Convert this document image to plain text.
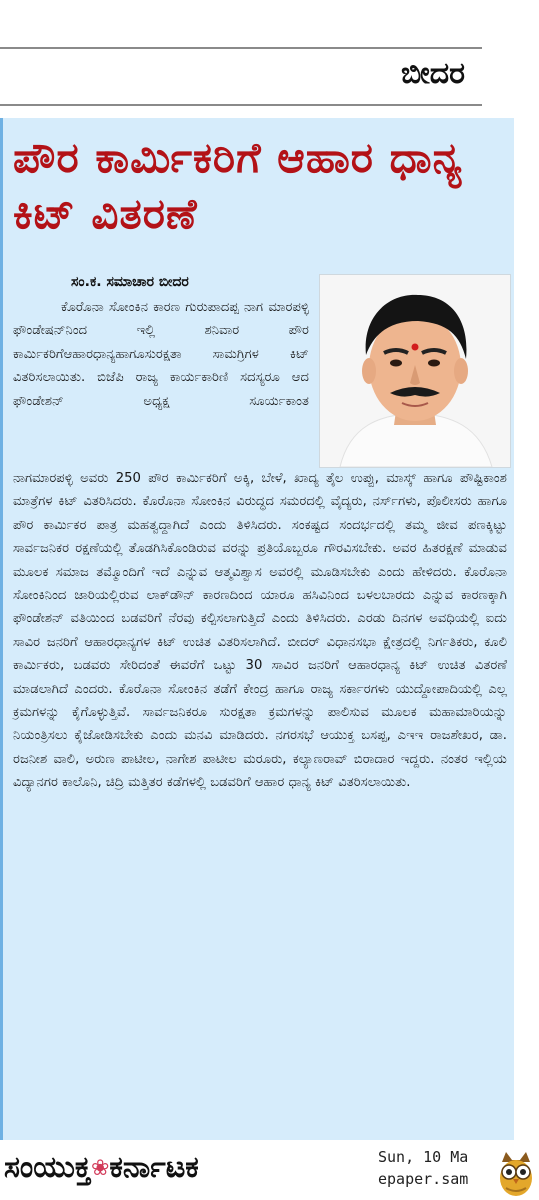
ಬೀದರ
ಪೌರ ಕಾರ್ಮಿಕರಿಗೆ ಆಹಾರ ಧಾನ್ಯ ಕಿಟ್ ವಿತರಣೆ
ಸಂ.ಕ. ಸಮಾಚಾರ ಬೀದರ
ಕೊರೊನಾ ಸೋಂಕಿನ ಕಾರಣ ಗುರುಪಾದಪ್ಪ ನಾಗ ಮಾರಪಳ್ಳಿ ಫೌಂಡೇಷನ್‌ನಿಂದ ಇಲ್ಲಿ ಶನಿವಾರ ಪೌರ ಕಾರ್ಮಿಕರಿಗೆಆಹಾರಧಾನ್ಯಹಾಗೂಸುರಕ್ಷತಾ ಸಾಮಗ್ರಿಗಳ ಕಿಟ್ ವಿತರಿಸಲಾಯಿತು. ಬಿಜೆಪಿ ರಾಜ್ಯ ಕಾರ್ಯಕಾರಿಣಿ ಸದಸ್ಯರೂ ಆದ ಫೌಂಡೇಶನ್ ಅಧ್ಯಕ್ಷ ಸೂರ್ಯಕಾಂತ
ನಾಗಮಾರಪಳ್ಳಿ ಅವರು 250 ಪೌರ ಕಾರ್ಮಿಕರಿಗೆ ಅಕ್ಕಿ, ಬೇಳೆ, ಖಾದ್ಯ ತೈಲ ಉಪ್ಪು, ಮಾಸ್ಕ್ ಹಾಗೂ ಪೌಷ್ಟಿಕಾಂಶ ಮಾತ್ರೆಗಳ ಕಿಟ್ ವಿತರಿಸಿದರು. ಕೊರೊನಾ ಸೋಂಕಿನ ವಿರುದ್ಧದ ಸಮರದಲ್ಲಿ ವೈದ್ಯರು, ನರ್ಸ್‌ಗಳು, ಪೊಲೀಸರು ಹಾಗೂ ಪೌರ ಕಾರ್ಮಿಕರ ಪಾತ್ರ ಮಹತ್ವದ್ದಾಗಿದೆ ಎಂದು ತಿಳಿಸಿದರು. ಸಂಕಷ್ಟದ ಸಂದರ್ಭದಲ್ಲಿ ತಮ್ಮ ಜೀವ ಪಣಕ್ಕಿಟ್ಟು ಸಾರ್ವಜನಿಕರ ರಕ್ಷಣೆಯಲ್ಲಿ ತೊಡಗಿಸಿಕೊಂಡಿರುವ ವರನ್ನು ಪ್ರತಿಯೊಬ್ಬರೂ ಗೌರವಿಸಬೇಕು. ಅವರ ಹಿತರಕ್ಷಣೆ ಮಾಡುವ ಮೂಲಕ ಸಮಾಜ ತಮ್ಮೊಂದಿಗೆ ಇದೆ ಎನ್ನುವ ಆತ್ಮವಿಶ್ವಾಸ ಅವರಲ್ಲಿ ಮೂಡಿಸಬೇಕು ಎಂದು ಹೇಳಿದರು. ಕೊರೊನಾ ಸೋಂಕಿನಿಂದ ಜಾರಿಯಲ್ಲಿರುವ ಲಾಕ್‌ಡೌನ್ ಕಾರಣದಿಂದ ಯಾರೂ ಹಸಿವಿನಿಂದ ಬಳಲಬಾರದು ಎನ್ನುವ ಕಾರಣಕ್ಕಾಗಿ ಫೌಂಡೇಶನ್ ವತಿಯಿಂದ ಬಡವರಿಗೆ ನೆರವು ಕಲ್ಪಿಸಲಾಗುತ್ತಿದೆ ಎಂದು ತಿಳಿಸಿದರು. ಎರಡು ದಿನಗಳ ಅವಧಿಯಲ್ಲಿ ಐದು ಸಾವಿರ ಜನರಿಗೆ ಆಹಾರಧಾನ್ಯಗಳ ಕಿಟ್ ಉಚಿತ ವಿತರಿಸಲಾಗಿದೆ. ಬೀದರ್ ವಿಧಾನಸಭಾ ಕ್ಷೇತ್ರದಲ್ಲಿ ನಿರ್ಗತಿಕರು, ಕೂಲಿ ಕಾರ್ಮಿಕರು, ಬಡವರು ಸೇರಿದಂತೆ ಈವರೆಗೆ ಒಟ್ಟು 30 ಸಾವಿರ ಜನರಿಗೆ ಆಹಾರಧಾನ್ಯ ಕಿಟ್ ಉಚಿತ ವಿತರಣೆ ಮಾಡಲಾಗಿದೆ ಎಂದರು. ಕೊರೊನಾ ಸೋಂಕಿನ ತಡೆಗೆ ಕೇಂದ್ರ ಹಾಗೂ ರಾಜ್ಯ ಸರ್ಕಾರಗಳು ಯುದ್ದೋಪಾದಿಯಲ್ಲಿ ಎಲ್ಲ ಕ್ರಮಗಳನ್ನು ಕೈಗೊಳ್ಳುತ್ತಿವೆ. ಸಾರ್ವಜನಿಕರೂ ಸುರಕ್ಷತಾ ಕ್ರಮಗಳನ್ನು ಪಾಲಿಸುವ ಮೂಲಕ ಮಹಾಮಾರಿಯನ್ನು ನಿಯಂತ್ರಿಸಲು ಕೈಜೋಡಿಸಬೇಕು ಎಂದು ಮನವಿ ಮಾಡಿದರು. ನಗರಸಭೆ ಆಯುಕ್ತ ಬಸಪ್ಪ, ಎಇಇ ರಾಜಶೇಖರ, ಡಾ. ರಜನೀಶ ವಾಲಿ, ಅರುಣ ಪಾಟೀಲ, ನಾಗೇಶ ಪಾಟೀಲ ಮರೂರು, ಕಲ್ಯಾಣರಾವ್ ಬಿರಾದಾರ ಇದ್ದರು. ನಂತರ ಇಲ್ಲಿಯ ವಿದ್ಯಾನಗರ ಕಾಲೊನಿ, ಚಿದ್ರಿ ಮತ್ತಿತರ ಕಡೆಗಳಲ್ಲಿ ಬಡವರಿಗೆ ಆಹಾರ ಧಾನ್ಯ ಕಿಟ್ ವಿತರಿಸಲಾಯಿತು.
ಸಂಯುಕ್ತ❀ಕರ್ನಾಟಕ	Sun, 10 Ma
epaper.sam
